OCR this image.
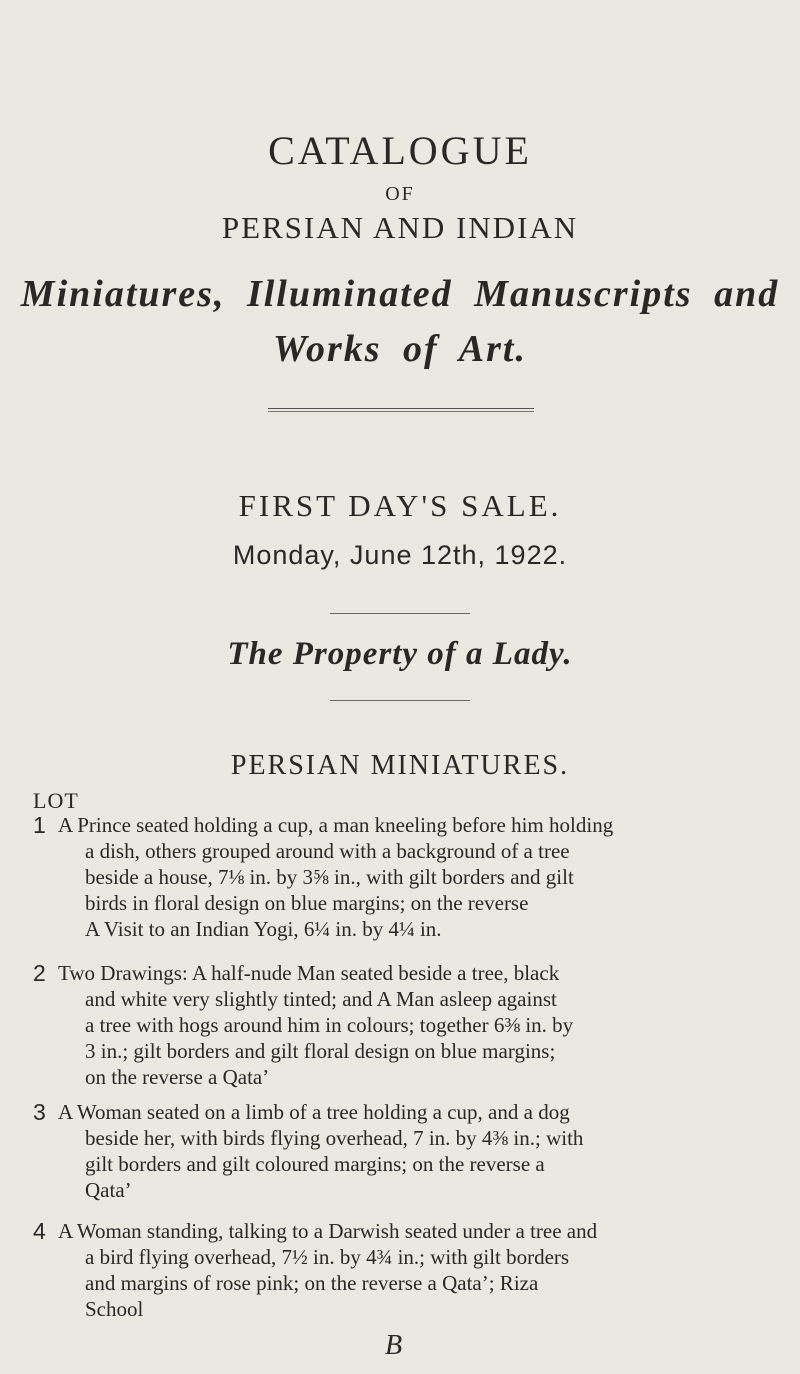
CATALOGUE
OF
PERSIAN AND INDIAN
Miniatures, Illuminated Manuscripts and
Works of Art.
FIRST DAY'S SALE.
Monday, June 12th, 1922.
The Property of a Lady.
PERSIAN MINIATURES.
LOT
1 A Prince seated holding a cup, a man kneeling before him holding
a dish, others grouped around with a background of a tree
beside a house, 7⅛ in. by 3⅝ in., with gilt borders and gilt
birds in floral design on blue margins; on the reverse
A Visit to an Indian Yogi, 6¼ in. by 4¼ in.
2 Two Drawings: A half-nude Man seated beside a tree, black
and white very slightly tinted; and A Man asleep against
a tree with hogs around him in colours; together 6⅜ in. by
3 in.; gilt borders and gilt floral design on blue margins;
on the reverse a Qata’
3 A Woman seated on a limb of a tree holding a cup, and a dog
beside her, with birds flying overhead, 7 in. by 4⅜ in.; with
gilt borders and gilt coloured margins; on the reverse a
Qata’
4 A Woman standing, talking to a Darwish seated under a tree and
a bird flying overhead, 7½ in. by 4¾ in.; with gilt borders
and margins of rose pink; on the reverse a Qata’; Riza
School
B
